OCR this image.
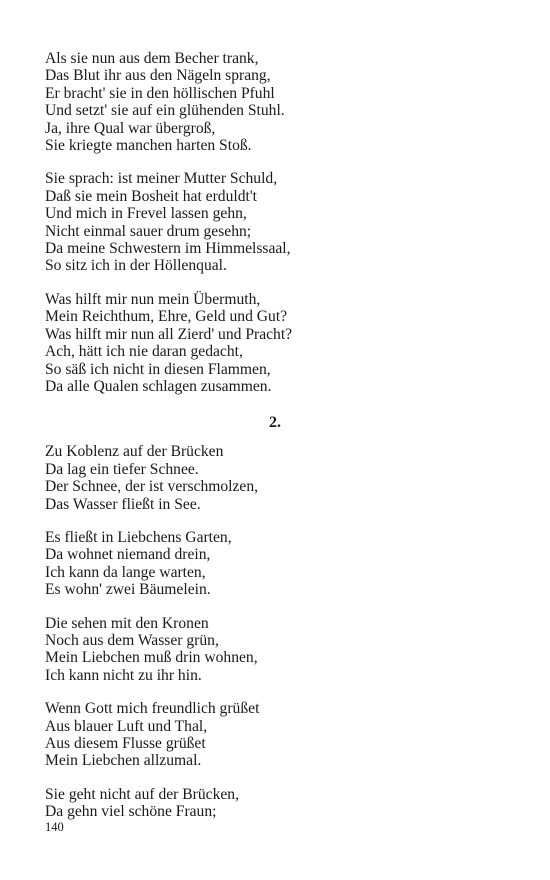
Als sie nun aus dem Becher trank,
Das Blut ihr aus den Nägeln sprang,
Er bracht' sie in den höllischen Pfuhl
Und setzt' sie auf ein glühenden Stuhl.
Ja, ihre Qual war übergroß,
Sie kriegte manchen harten Stoß.
Sie sprach: ist meiner Mutter Schuld,
Daß sie mein Bosheit hat erduldt't
Und mich in Frevel lassen gehn,
Nicht einmal sauer drum gesehn;
Da meine Schwestern im Himmelssaal,
So sitz ich in der Höllenqual.
Was hilft mir nun mein Übermuth,
Mein Reichthum, Ehre, Geld und Gut?
Was hilft mir nun all Zierd' und Pracht?
Ach, hätt ich nie daran gedacht,
So säß ich nicht in diesen Flammen,
Da alle Qualen schlagen zusammen.
2.
Zu Koblenz auf der Brücken
Da lag ein tiefer Schnee.
Der Schnee, der ist verschmolzen,
Das Wasser fließt in See.
Es fließt in Liebchens Garten,
Da wohnet niemand drein,
Ich kann da lange warten,
Es wohn' zwei Bäumelein.
Die sehen mit den Kronen
Noch aus dem Wasser grün,
Mein Liebchen muß drin wohnen,
Ich kann nicht zu ihr hin.
Wenn Gott mich freundlich grüßet
Aus blauer Luft und Thal,
Aus diesem Flusse grüßet
Mein Liebchen allzumal.
Sie geht nicht auf der Brücken,
Da gehn viel schöne Fraun;
140
